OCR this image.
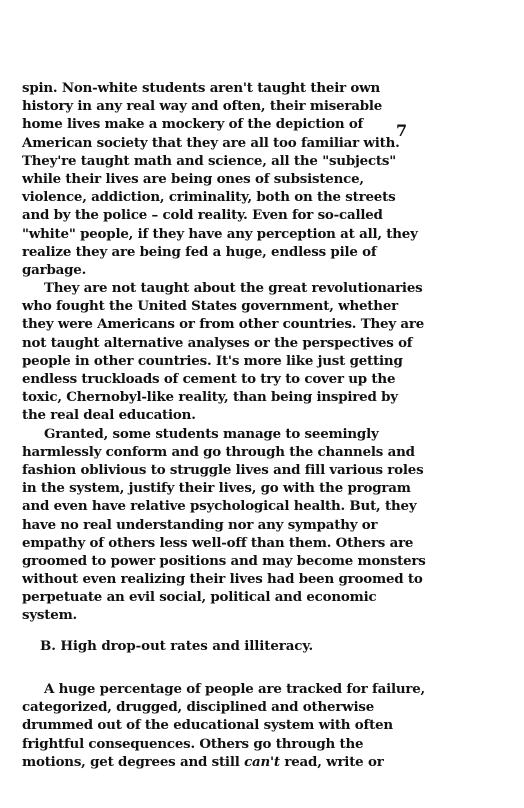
spin. Non-white students aren't taught their own
history in any real way and often, their miserable
home lives make a mockery of the depiction of
American society that they are all too familiar with.
They're taught math and science, all the "subjects"
while their lives are being ones of subsistence,
violence, addiction, criminality, both on the streets
and by the police – cold reality. Even for so-called
"white" people, if they have any perception at all, they
realize they are being fed a huge, endless pile of
garbage.
They are not taught about the great revolutionaries
who fought the United States government, whether
they were Americans or from other countries. They are
not taught alternative analyses or the perspectives of
people in other countries. It's more like just getting
endless truckloads of cement to try to cover up the
toxic, Chernobyl-like reality, than being inspired by
the real deal education.
Granted, some students manage to seemingly
harmlessly conform and go through the channels and
fashion oblivious to struggle lives and fill various roles
in the system, justify their lives, go with the program
and even have relative psychological health. But, they
have no real understanding nor any sympathy or
empathy of others less well-off than them. Others are
groomed to power positions and may become monsters
without even realizing their lives had been groomed to
perpetuate an evil social, political and economic
system.
7
B. High drop-out rates and illiteracy.
A huge percentage of people are tracked for failure,
categorized, drugged, disciplined and otherwise
drummed out of the educational system with often
frightful consequences. Others go through the
motions, get degrees and still can't read, write or
